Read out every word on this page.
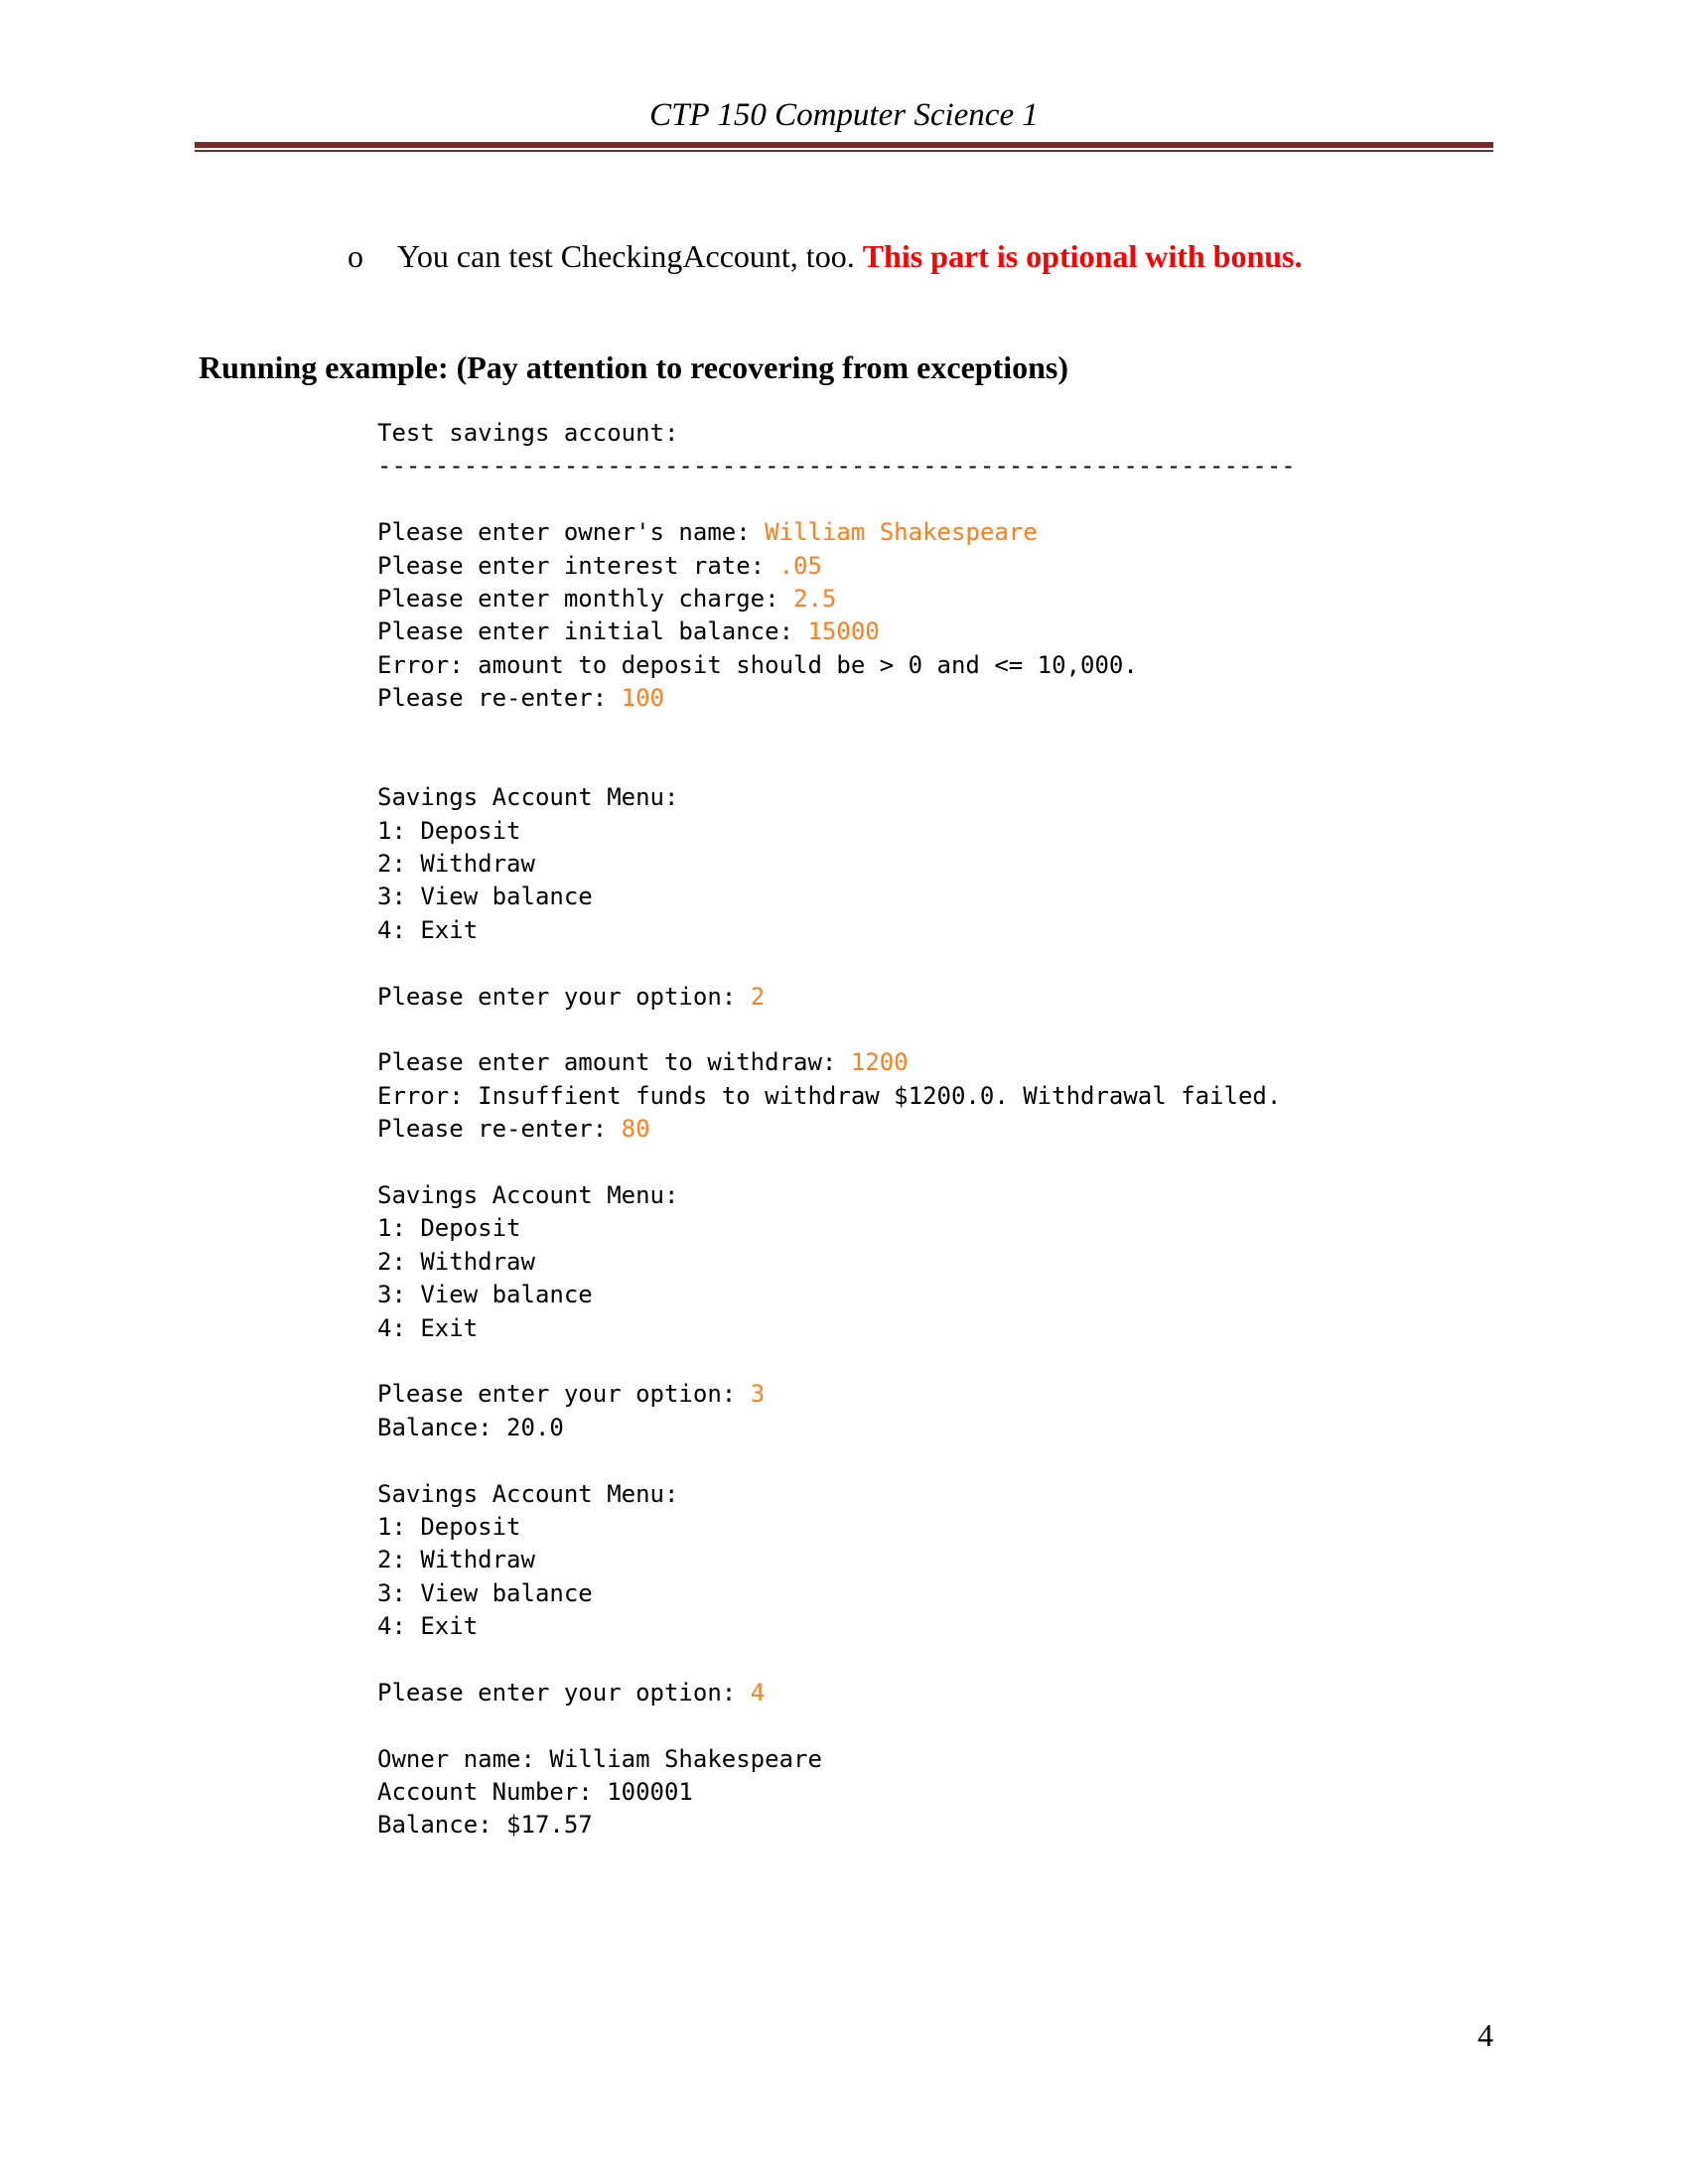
CTP 150 Computer Science 1
o You can test CheckingAccount, too. This part is optional with bonus.
Running example: (Pay attention to recovering from exceptions)
Test savings account:
----------------------------------------------------------------
Please enter owner's name: William Shakespeare
Please enter interest rate: .05
Please enter monthly charge: 2.5
Please enter initial balance: 15000
Error: amount to deposit should be > 0 and <= 10,000.
Please re-enter: 100
Savings Account Menu:
1: Deposit
2: Withdraw
3: View balance
4: Exit
Please enter your option: 2
Please enter amount to withdraw: 1200
Error: Insuffient funds to withdraw $1200.0. Withdrawal failed.
Please re-enter: 80
Savings Account Menu:
1: Deposit
2: Withdraw
3: View balance
4: Exit
Please enter your option: 3
Balance: 20.0
Savings Account Menu:
1: Deposit
2: Withdraw
3: View balance
4: Exit
Please enter your option: 4
Owner name: William Shakespeare
Account Number: 100001
Balance: $17.57
4
